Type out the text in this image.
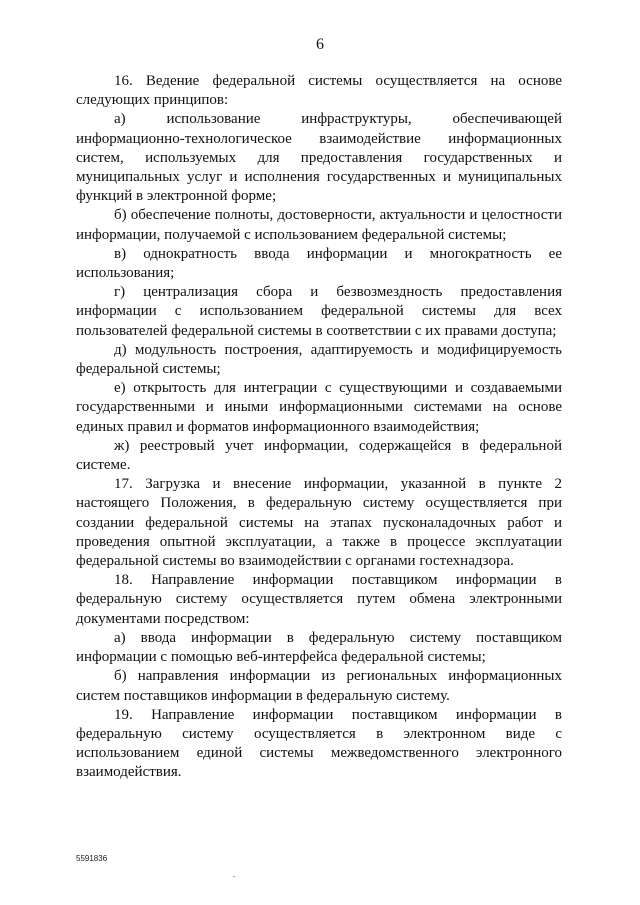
6

16. Ведение федеральной системы осуществляется на основе следующих принципов:

а) использование инфраструктуры, обеспечивающей информационно-технологическое взаимодействие информационных систем, используемых для предоставления государственных и муниципальных услуг и исполнения государственных и муниципальных функций в электронной форме;

б) обеспечение полноты, достоверности, актуальности и целостности информации, получаемой с использованием федеральной системы;

в) однократность ввода информации и многократность ее использования;

г) централизация сбора и безвозмездность предоставления информации с использованием федеральной системы для всех пользователей федеральной системы в соответствии с их правами доступа;

д) модульность построения, адаптируемость и модифицируемость федеральной системы;

е) открытость для интеграции с существующими и создаваемыми государственными и иными информационными системами на основе единых правил и форматов информационного взаимодействия;

ж) реестровый учет информации, содержащейся в федеральной системе.

17. Загрузка и внесение информации, указанной в пункте 2 настоящего Положения, в федеральную систему осуществляется при создании федеральной системы на этапах пусконаладочных работ и проведения опытной эксплуатации, а также в процессе эксплуатации федеральной системы во взаимодействии с органами гостехнадзора.

18. Направление информации поставщиком информации в федеральную систему осуществляется путем обмена электронными документами посредством:

а) ввода информации в федеральную систему поставщиком информации с помощью веб-интерфейса федеральной системы;

б) направления информации из региональных информационных систем поставщиков информации в федеральную систему.

19. Направление информации поставщиком информации в федеральную систему осуществляется в электронном виде с использованием единой системы межведомственного электронного взаимодействия.

5591836
